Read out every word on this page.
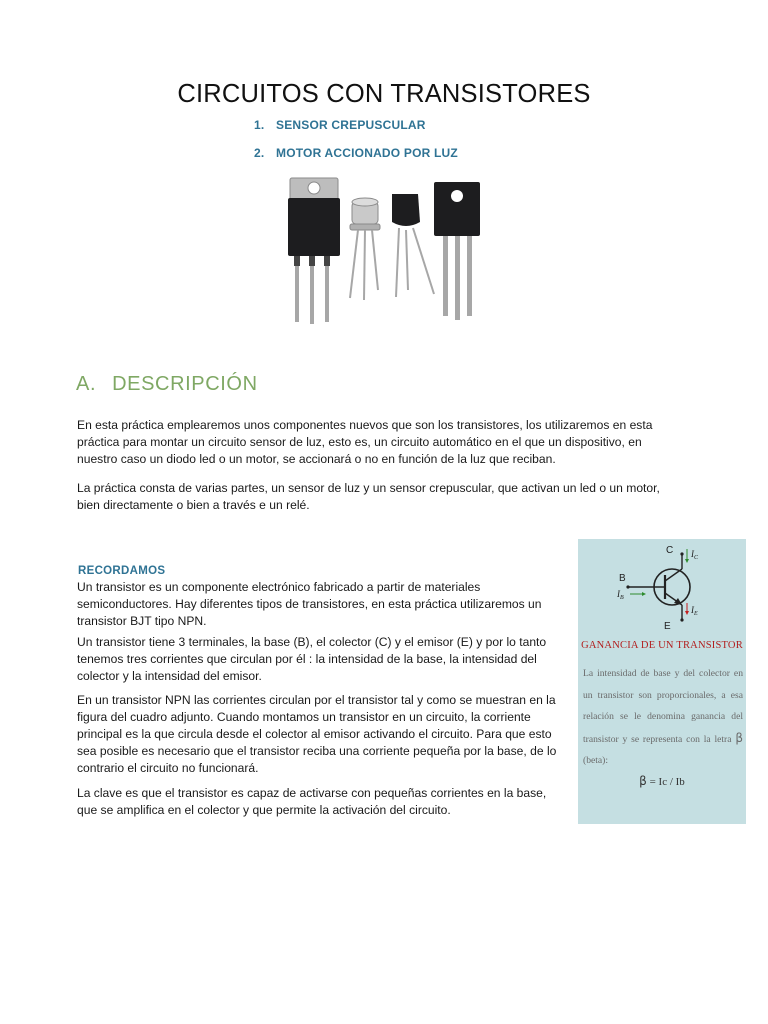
CIRCUITOS CON TRANSISTORES
1. SENSOR CREPUSCULAR
2. MOTOR ACCIONADO POR LUZ
A. DESCRIPCIÓN

En esta práctica emplearemos unos componentes nuevos que son los transistores, los utilizaremos en esta práctica para montar un circuito sensor de luz, esto es, un circuito automático en el que un dispositivo, en nuestro caso un diodo led o un motor, se accionará o no en función de la luz que reciban.

La práctica consta de varias partes, un sensor de luz y un sensor crepuscular, que activan un led o un motor, bien directamente o bien a través e un relé.

RECORDAMOS

Un transistor es un componente electrónico fabricado a partir de materiales semiconductores. Hay diferentes tipos de transistores, en esta práctica utilizaremos un transistor BJT tipo NPN.

Un transistor tiene 3 terminales, la base (B), el colector (C) y el emisor (E) y por lo tanto tenemos tres corrientes que circulan por él : la intensidad de la base, la intensidad del colector y la intensidad del emisor.

En un transistor NPN las corrientes circulan por el transistor tal y como se muestran en la figura del cuadro adjunto. Cuando montamos un transistor en un circuito, la corriente principal es la que circula desde el colector al emisor activando el circuito. Para que esto sea posible es necesario que el transistor reciba una corriente pequeña por la base, de lo contrario el circuito no funcionará.

La clave es que el transistor es capaz de activarse con pequeñas corrientes en la base, que se amplifica en el colector y que permite la activación del circuito.

C $I_C$
B
$I_B$
E
$I_E$
GANANCIA DE UN TRANSISTOR
La intensidad de base y del colector en un transistor son proporcionales, a esa relación se le denomina ganancia del transistor y se representa con la letra β (beta):
β = Ic / Ib
